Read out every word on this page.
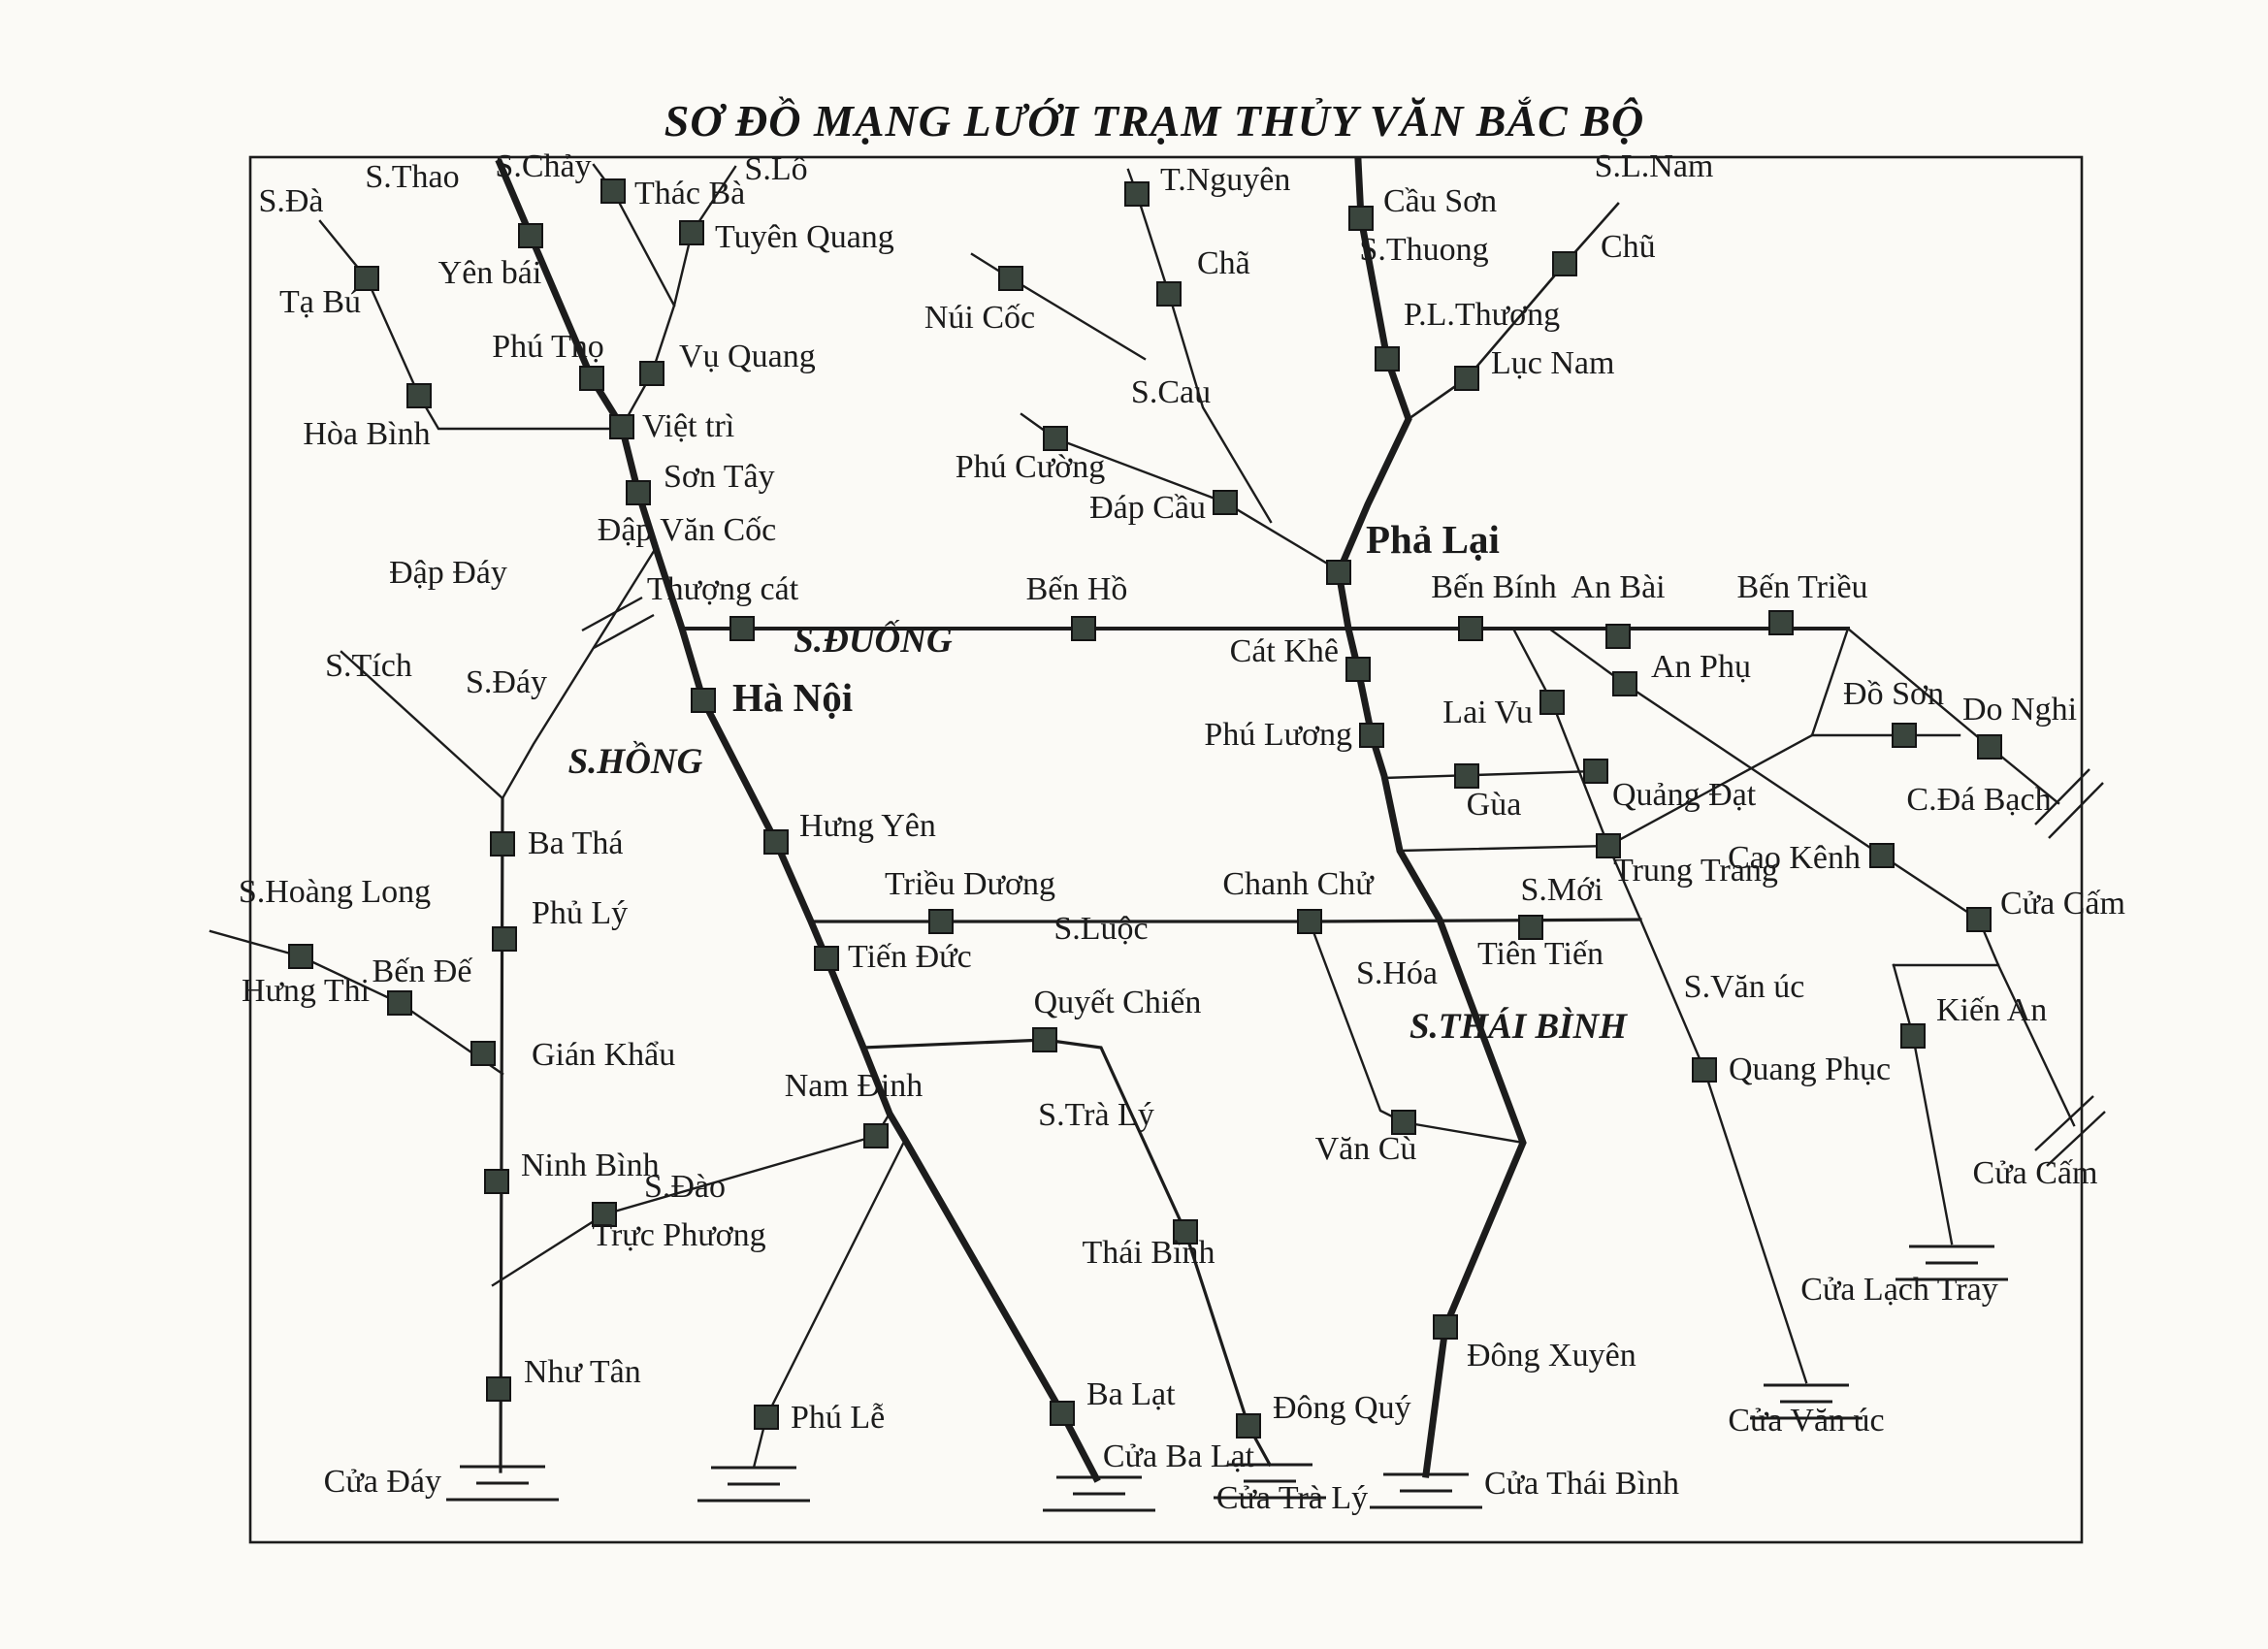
SƠ ĐỒ MẠNG LƯỚI TRẠM THỦY VĂN BẮC BỘ
Cửa Đáy
Cửa Ba Lạt
Cửa Trà Lý	Cửa Thái Bình
Cửa Văn úc
Cửa Lạch Tray
S.Đà
S.Thao S.Chảy	S.Lô
S.Cau
S.Thuong
S.L.Nam
Đập Đáy
Đập Văn Cốc
S.Tích S.Đáy
S.HỒNG
S.ĐUỐNG
S.Hoàng Long
S.Luộc
S.Mới
S.Hóa
S.THÁI BÌNH
S.Trà Lý
S.Đào
S.Văn úc
C.Đá Bạch
Cửa Cấm
Tạ Bú
Hòa Bình
Yên bái
Phú Thọ
Việt trì
Thác Bà
Tuyên Quang
Vụ Quang
Sơn Tây
Thượng cát
Hà Nội
Hưng Yên
Tiến Đức
Ba Lạt
Núi Cốc
T.Nguyên
Chã
Phú Cường
Đáp Cầu
Cầu Sơn
P.L.Thương
Lục Nam
Chũ
Phả Lại
Bến Hồ	Bến Bính An Bài Bến Triều
Cát Khê
Phú Lương
Lai Vu
Gùa	Quảng Đạt
An Phụ
Đồ Sơn Do Nghi
Trung Trang
Cao Kênh
Cửa Cấm
Kiến An
Quang Phục
Văn Cù
Tiên Tiến
Chanh Chử
Triều Dương
Quyết Chiến
Thái Bình
Đông Quý
Đông Xuyên
Nam Định
Trực Phương
Ninh Bình
Như Tân
Gián Khẩu
Bến Đế
Hưng Thi
Ba Thá
Phủ Lý
Phú Lễ
